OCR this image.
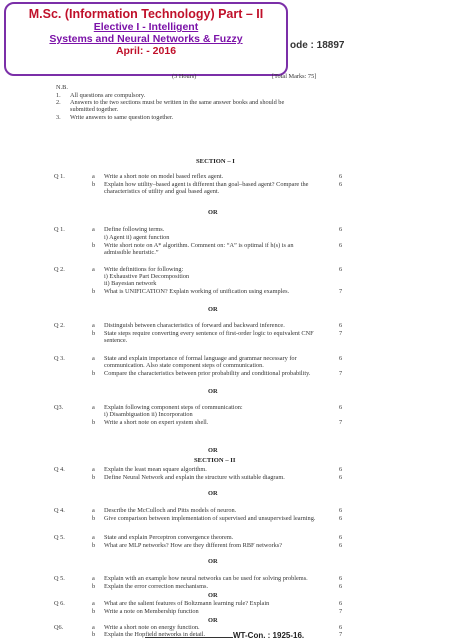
M.Sc. (Information Technology) Part – II
Elective I - Intelligent
Systems and Neural Networks & Fuzzy
April: - 2016	ode : 18897
(3 Hours)	[Total Marks: 75]
N.B.
1. All questions are compulsory.
2. Answers to the two sections must be written in the same answer books and should be
submitted together.
3. Write answers to same question together.
SECTION – I
SECTION – II
Q 1.	a Write a short note on model based reflex agent.	6
b Explain how utility–based agent is different than goal–based agent? Compare the	6
characteristics of utility and goal based agent.
Q 1.	a Define following terms.	6
i) Agent ii) agent function
b Write short note on A* algorithm. Comment on: “A” is optimal if h(s) is an	6
admissible heuristic.”
Q 2.	a Write definitions for following:	6
i) Exhaustive Part Decomposition
ii) Bayesian network
b What is UNIFICATION? Explain working of unification using examples.	7
Q 2.	a Distinguish between characteristics of forward and backward inference.	6
b State steps require converting every sentence of first-order logic to equivalent CNF	7
sentence.
Q 3.	a State and explain importance of formal language and grammar necessary for	6
communication. Also state component steps of communication.
b Compare the characteristics between prior probability and conditional probability.	7
Q3.	a Explain following component steps of communication:	6
i) Disambiguation ii) Incorporation
b Write a short note on expert system shell.	7
Q 4.	a Explain the least mean square algorithm.	6
b Define Neural Network and explain the structure with suitable diagram.	6
Q 4.	a Describe the McCulloch and Pitts models of neuron.	6
b Give comparison between implementation of supervised and unsupervised learning.	6
Q 5.	a State and explain Perceptron convergence theorem.	6
b What are MLP networks? How are they different from RBF networks?	6
Q 5.	a Explain with an example how neural networks can be used for solving problems.	6
b Explain the error correction mechanisms.	6
Q 6.	a What are the salient features of Boltzmann learning rule? Explain	6
b Write a note on Membership function	7
Q6.	a Write a short note on energy function.	6
b Explain the Hopfield networks in detail.	7
OR
OR
OR
OR
OR
OR
OR
OR
WT-Con. : 1925-16.
